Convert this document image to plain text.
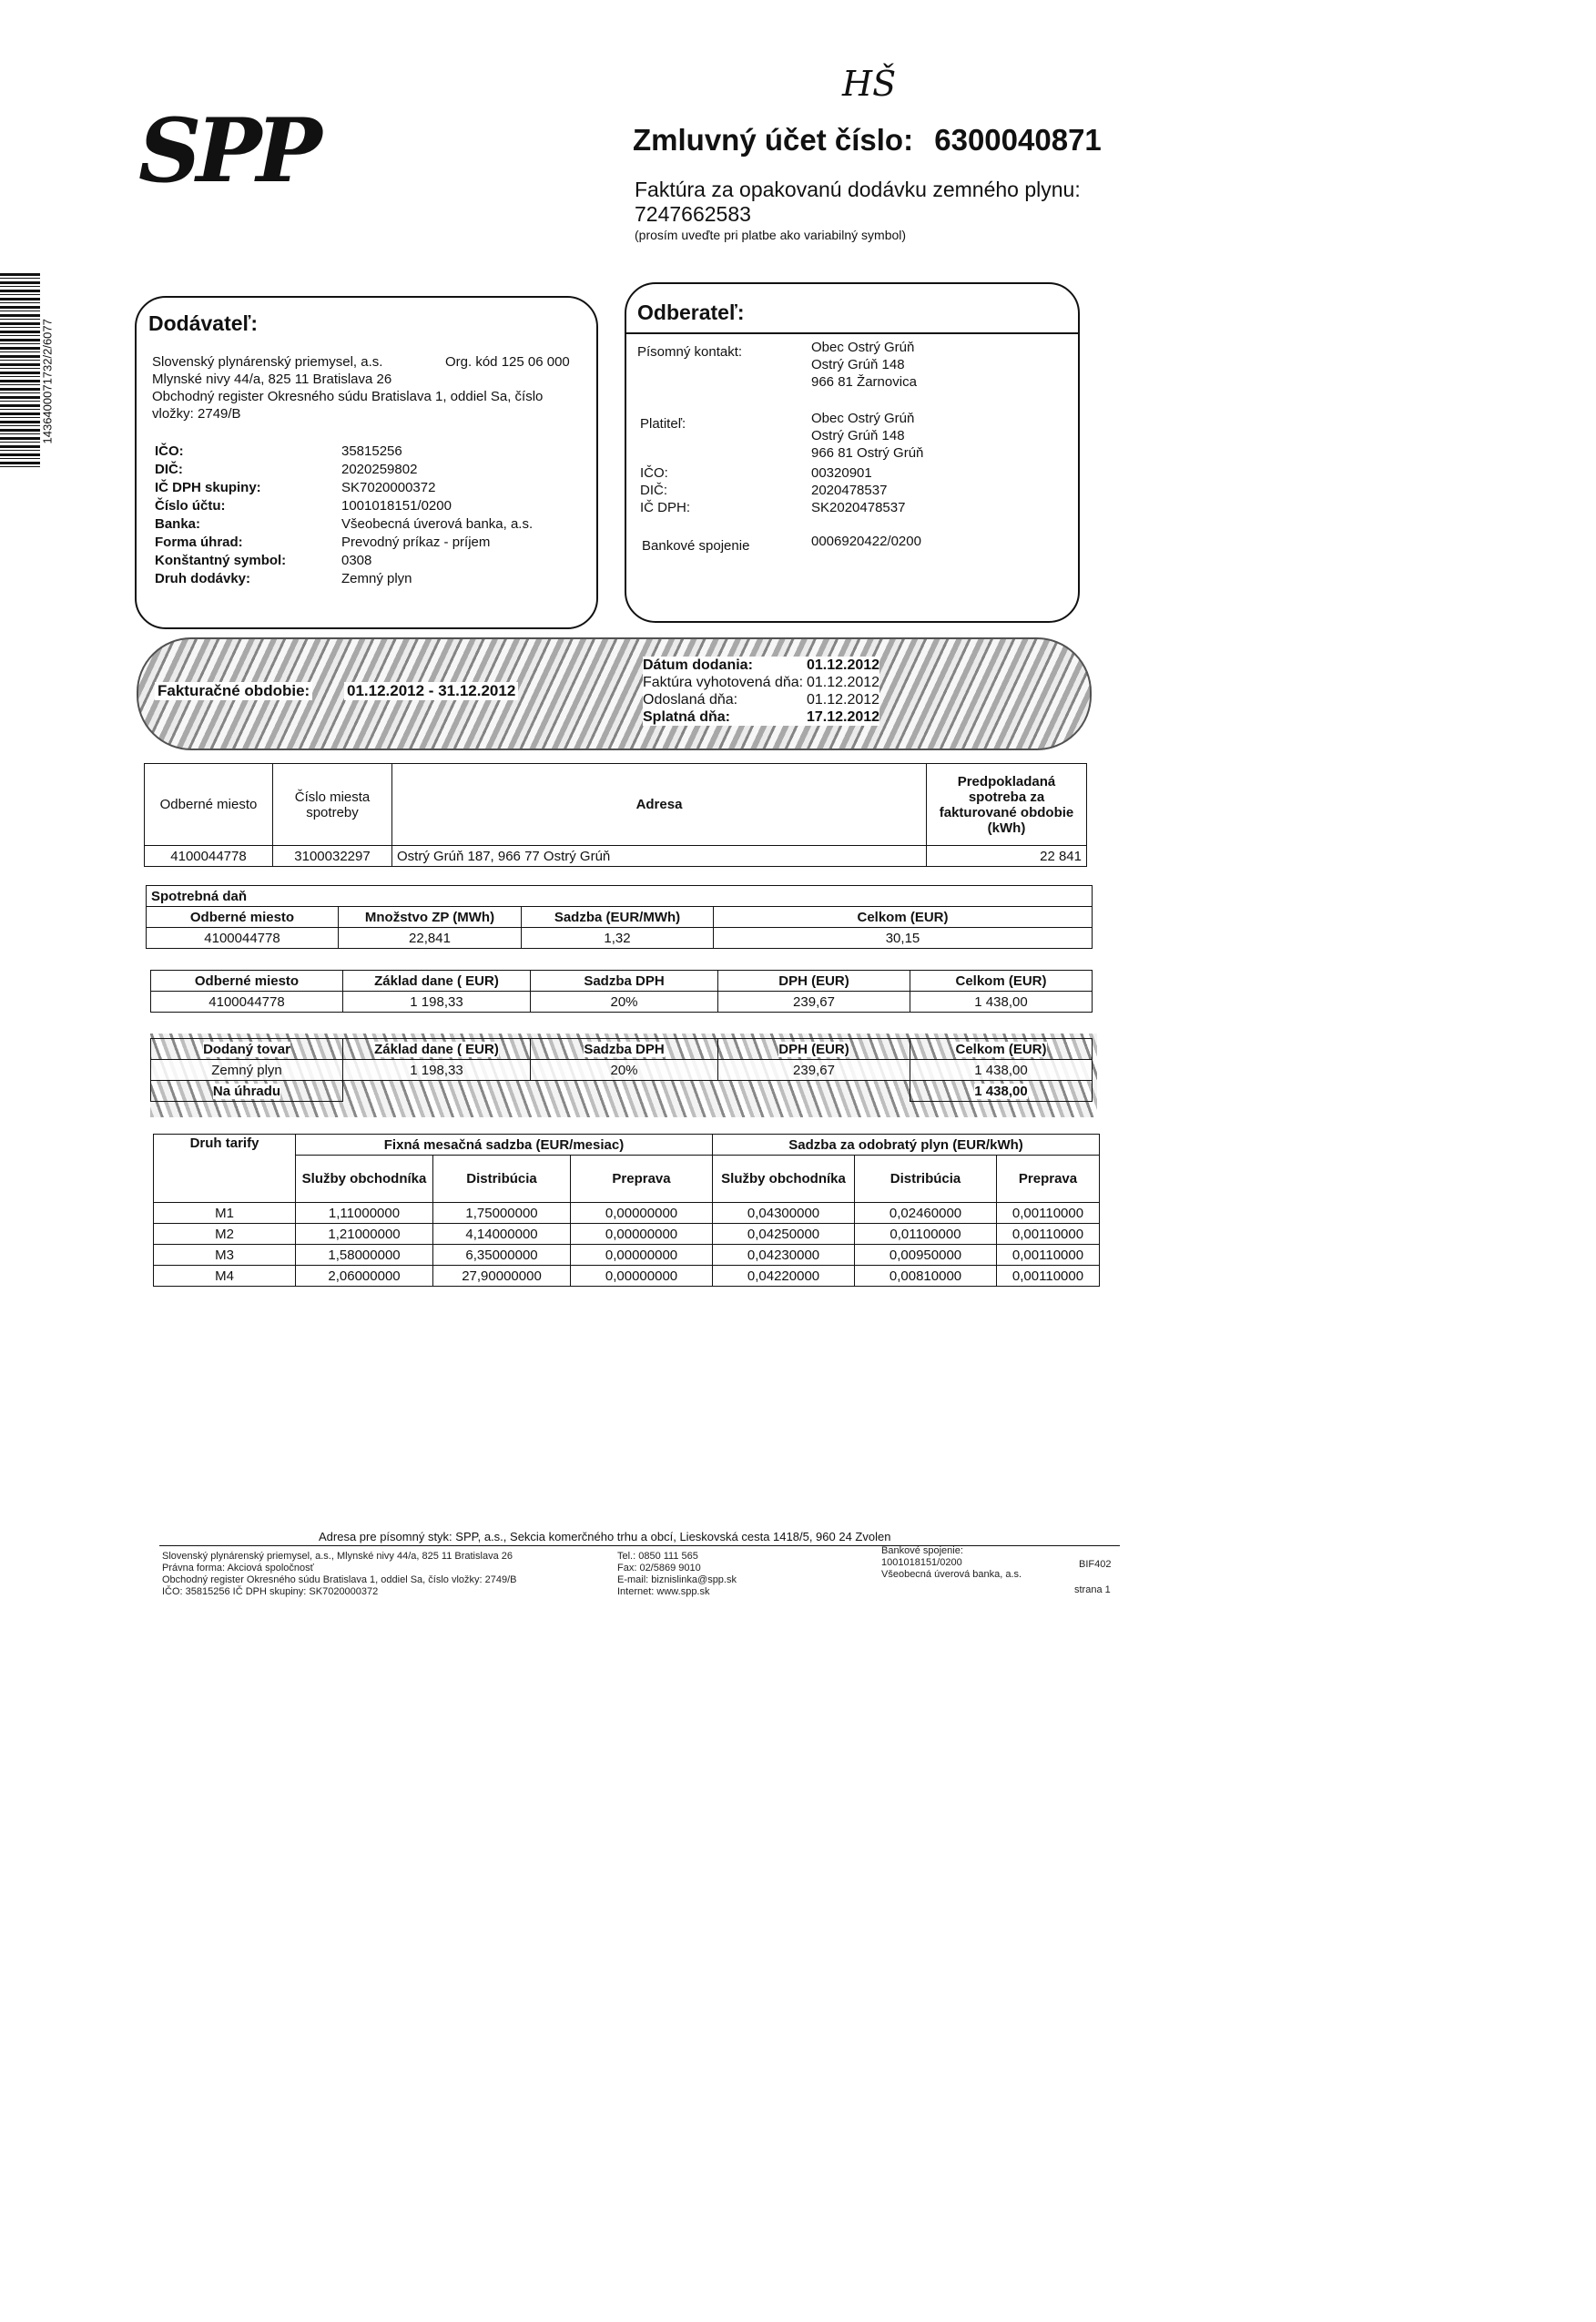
1436400071732/2/6077
HŠ
SPP	Zmluvný účet číslo: 6300040871
Faktúra za opakovanú dodávku zemného plynu:
7247662583
(prosím uveďte pri platbe ako variabilný symbol)
Dodávateľ:
Slovenský plynárenský priemysel, a.s.	Org. kód 125 06 000
Mlynské nivy 44/a, 825 11 Bratislava 26
Obchodný register Okresného súdu Bratislava 1, oddiel Sa, číslo
vložky: 2749/B
IČO:	35815256
DIČ:	2020259802
IČ DPH skupiny:	SK7020000372
Číslo účtu:	1001018151/0200
Banka:	Všeobecná úverová banka, a.s.
Forma úhrad:	Prevodný príkaz - príjem
Konštantný symbol:	0308
Druh dodávky:	Zemný plyn
Odberateľ:
Písomný kontakt:	Obec Ostrý Grúň
Ostrý Grúň 148
966 81 Žarnovica
Platiteľ:	Obec Ostrý Grúň
Ostrý Grúň 148
966 81 Ostrý Grúň
IČO:	00320901
DIČ:	2020478537
IČ DPH:	SK2020478537
Bankové spojenie	0006920422/0200
Fakturačné obdobie: 01.12.2012 - 31.12.2012
Dátum dodania:	01.12.2012
Faktúra vyhotovená dňa: 01.12.2012
Odoslaná dňa:	01.12.2012
Splatná dňa:	17.12.2012
Odberné miesto	Číslo miesta spotreby	Adresa	Predpokladaná spotreba za fakturované obdobie (kWh)
4100044778	3100032297	Ostrý Grúň 187, 966 77 Ostrý Grúň	22 841
Spotrebná daň			
Odberné miesto	Množstvo ZP (MWh)	Sadzba (EUR/MWh)	Celkom (EUR)
4100044778	22,841	1,32	30,15
Odberné miesto	Základ dane ( EUR)	Sadzba DPH	DPH (EUR)	Celkom (EUR)
4100044778	1 198,33	20%	239,67	1 438,00
Dodaný tovar	Základ dane ( EUR)	Sadzba DPH	DPH (EUR)	Celkom (EUR)
Zemný plyn	1 198,33	20%	239,67	1 438,00
Na úhradu				1 438,00
Druh tarify	Fixná mesačná sadzba (EUR/mesiac)			Sadzba za odobratý plyn (EUR/kWh)		
	Služby obchodníka	Distribúcia	Preprava	Služby obchodníka	Distribúcia	Preprava
M1	1,11000000	1,75000000	0,00000000	0,04300000	0,02460000	0,00110000
M2	1,21000000	4,14000000	0,00000000	0,04250000	0,01100000	0,00110000
M3	1,58000000	6,35000000	0,00000000	0,04230000	0,00950000	0,00110000
M4	2,06000000	27,90000000	0,00000000	0,04220000	0,00810000	0,00110000
Adresa pre písomný styk: SPP, a.s., Sekcia komerčného trhu a obcí, Lieskovská cesta 1418/5, 960 24 Zvolen
Slovenský plynárenský priemysel, a.s., Mlynské nivy 44/a, 825 11 Bratislava 26
Právna forma: Akciová spoločnosť
Obchodný register Okresného súdu Bratislava 1, oddiel Sa, číslo vložky: 2749/B
IČO: 35815256 IČ DPH skupiny: SK7020000372
Tel.: 0850 111 565
Fax: 02/5869 9010
E-mail: biznislinka@spp.sk
Internet: www.spp.sk
Bankové spojenie:
1001018151/0200
Všeobecná úverová banka, a.s.
BIF402
strana 1
